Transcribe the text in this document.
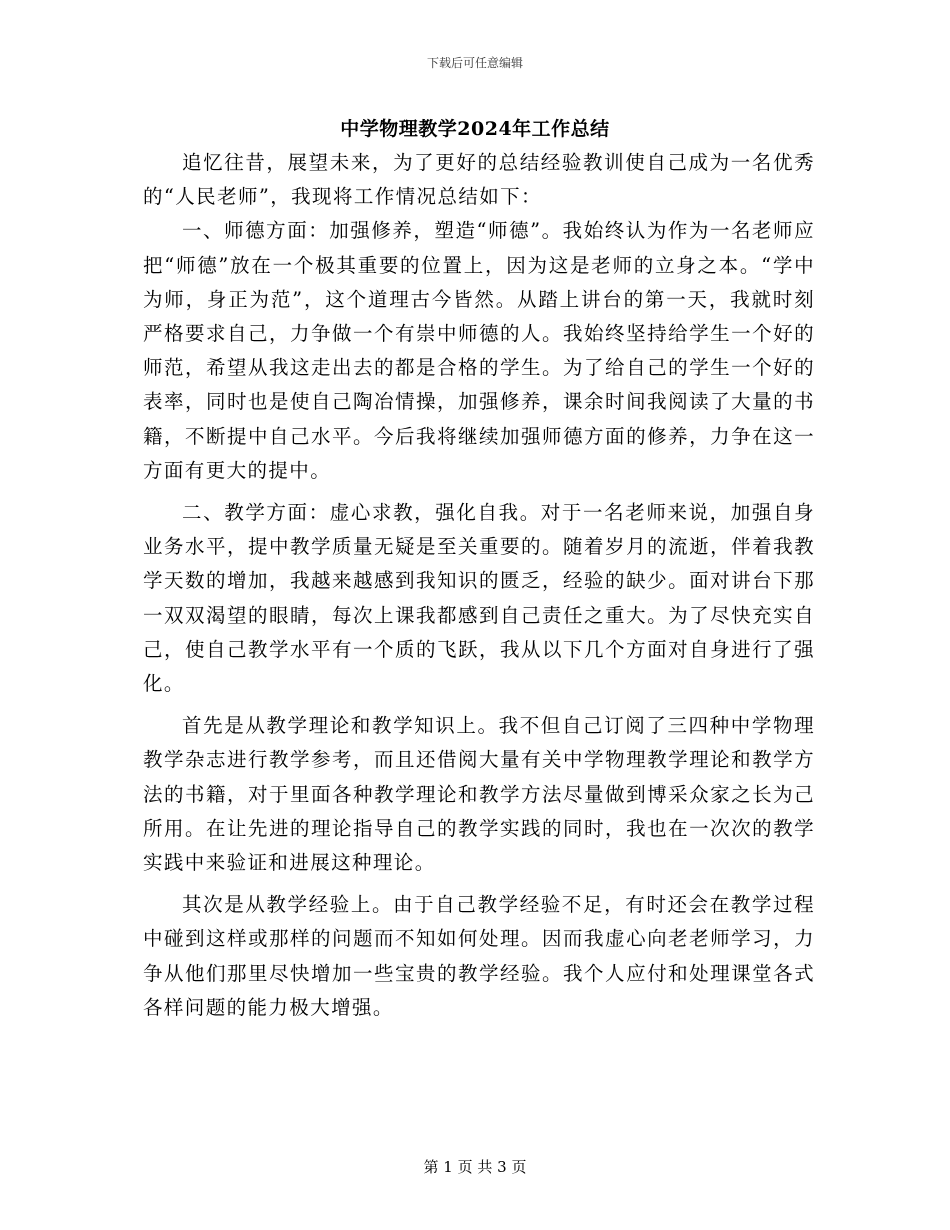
下载后可任意编辑
中学物理教学2024年工作总结

追忆往昔，展望未来，为了更好的总结经验教训使自己成为一名优秀的“人民老师”，我现将工作情况总结如下：

一、师德方面：加强修养，塑造“师德”。我始终认为作为一名老师应把“师德”放在一个极其重要的位置上，因为这是老师的立身之本。“学中为师，身正为范”，这个道理古今皆然。从踏上讲台的第一天，我就时刻严格要求自己，力争做一个有崇中师德的人。我始终坚持给学生一个好的师范，希望从我这走出去的都是合格的学生。为了给自己的学生一个好的表率，同时也是使自己陶冶情操，加强修养，课余时间我阅读了大量的书籍，不断提中自己水平。今后我将继续加强师德方面的修养，力争在这一方面有更大的提中。

二、教学方面：虚心求教，强化自我。对于一名老师来说，加强自身业务水平，提中教学质量无疑是至关重要的。随着岁月的流逝，伴着我教学天数的增加，我越来越感到我知识的匮乏，经验的缺少。面对讲台下那一双双渴望的眼睛，每次上课我都感到自己责任之重大。为了尽快充实自己，使自己教学水平有一个质的飞跃，我从以下几个方面对自身进行了强化。

首先是从教学理论和教学知识上。我不但自己订阅了三四种中学物理教学杂志进行教学参考，而且还借阅大量有关中学物理教学理论和教学方法的书籍，对于里面各种教学理论和教学方法尽量做到博采众家之长为己所用。在让先进的理论指导自己的教学实践的同时，我也在一次次的教学实践中来验证和进展这种理论。

其次是从教学经验上。由于自己教学经验不足，有时还会在教学过程中碰到这样或那样的问题而不知如何处理。因而我虚心向老老师学习，力争从他们那里尽快增加一些宝贵的教学经验。我个人应付和处理课堂各式各样问题的能力极大增强。

第 1 页 共 3 页
